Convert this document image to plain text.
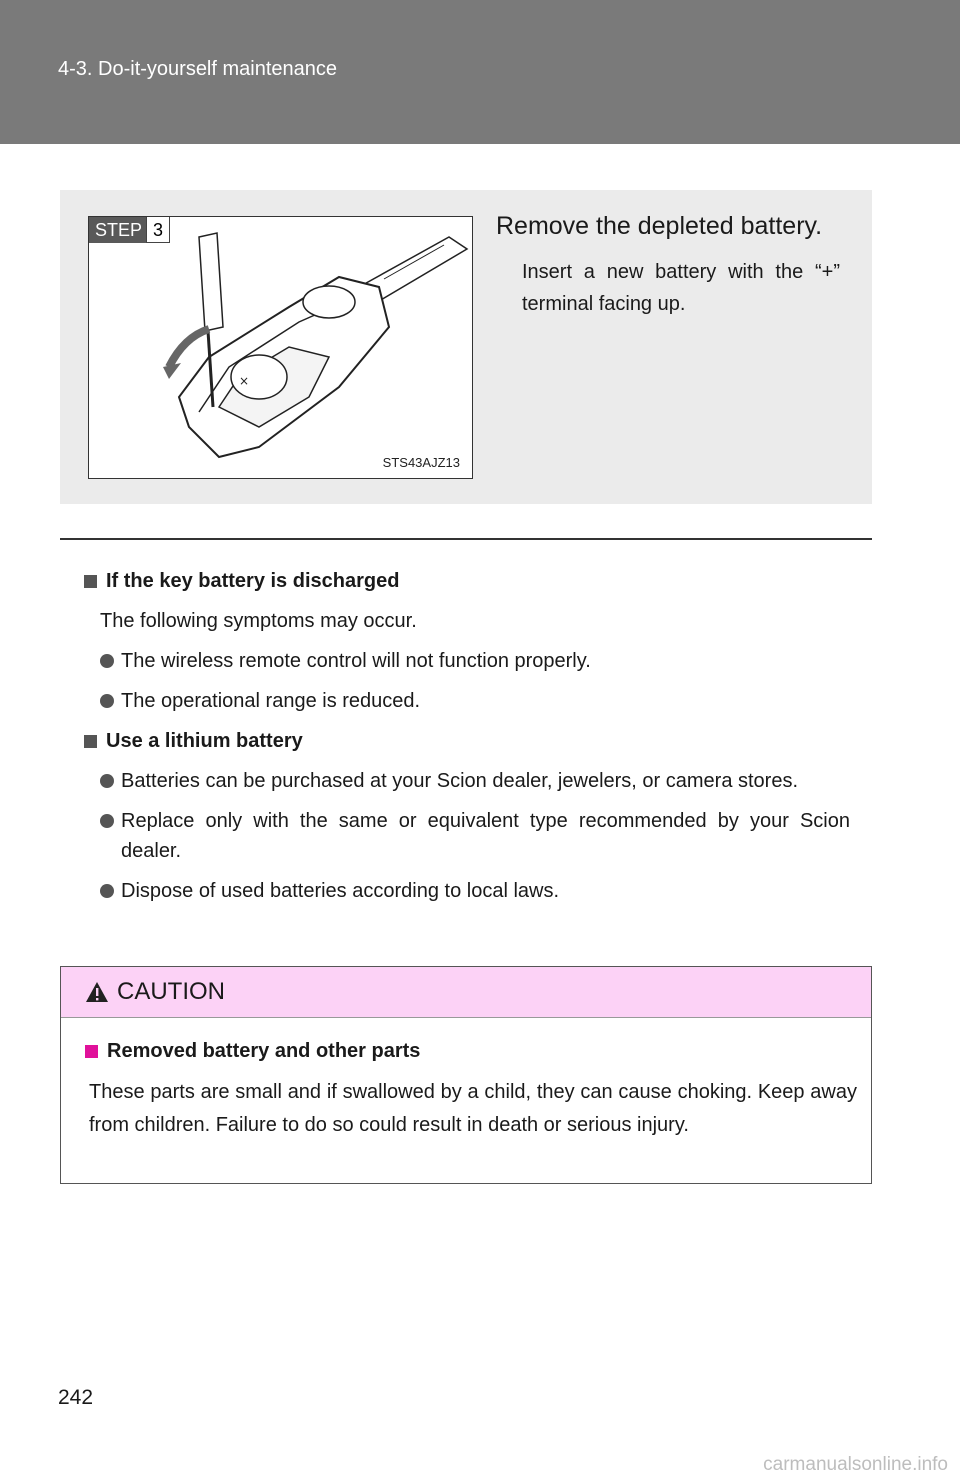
4-3. Do-it-yourself maintenance
×
STEP 3
STS43AJZ13
Remove the depleted battery.
Insert a new battery with the “+” terminal facing up.
If the key battery is discharged
The following symptoms may occur.
The wireless remote control will not function properly.
The operational range is reduced.
Use a lithium battery
Batteries can be purchased at your Scion dealer, jewelers, or camera stores.
Replace only with the same or equivalent type recommended by your Scion dealer.
Dispose of used batteries according to local laws.
CAUTION
Removed battery and other parts
These parts are small and if swallowed by a child, they can cause choking. Keep away from children. Failure to do so could result in death or serious injury.
242
carmanualsonline.info
